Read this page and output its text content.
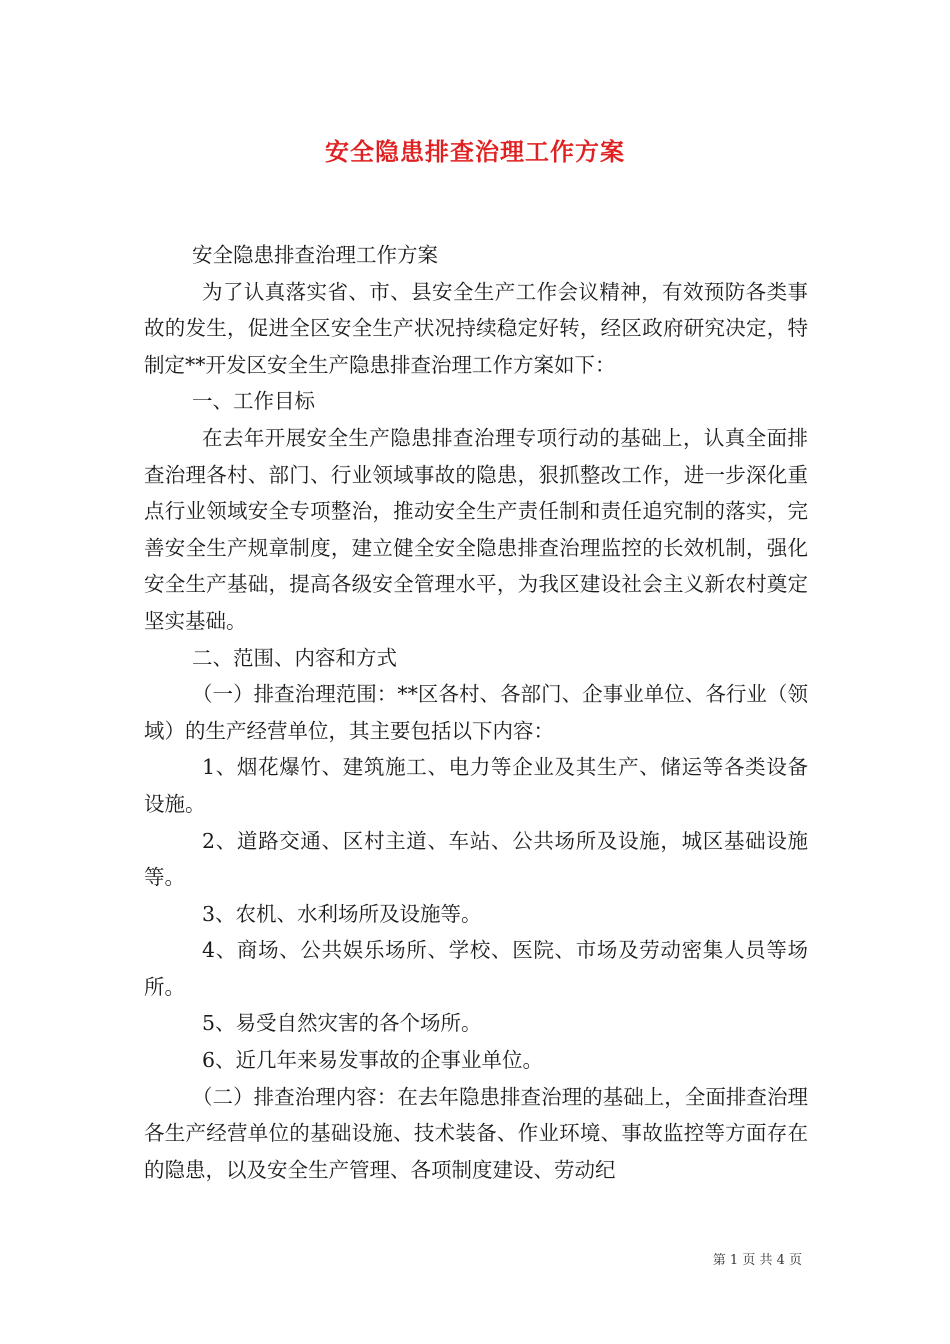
安全隐患排查治理工作方案

安全隐患排查治理工作方案

为了认真落实省、市、县安全生产工作会议精神，有效预防各类事故的发生，促进全区安全生产状况持续稳定好转，经区政府研究决定，特制定**开发区安全生产隐患排查治理工作方案如下：

一、工作目标

在去年开展安全生产隐患排查治理专项行动的基础上，认真全面排查治理各村、部门、行业领域事故的隐患，狠抓整改工作，进一步深化重点行业领域安全专项整治，推动安全生产责任制和责任追究制的落实，完善安全生产规章制度，建立健全安全隐患排查治理监控的长效机制，强化安全生产基础，提高各级安全管理水平，为我区建设社会主义新农村奠定坚实基础。

二、范围、内容和方式

（一）排查治理范围：**区各村、各部门、企事业单位、各行业（领域）的生产经营单位，其主要包括以下内容：

1、烟花爆竹、建筑施工、电力等企业及其生产、储运等各类设备设施。

2、道路交通、区村主道、车站、公共场所及设施，城区基础设施等。

3、农机、水利场所及设施等。

4、商场、公共娱乐场所、学校、医院、市场及劳动密集人员等场所。

5、易受自然灾害的各个场所。

6、近几年来易发事故的企事业单位。

（二）排查治理内容：在去年隐患排查治理的基础上，全面排查治理各生产经营单位的基础设施、技术装备、作业环境、事故监控等方面存在的隐患，以及安全生产管理、各项制度建设、劳动纪

第 1 页 共 4 页
